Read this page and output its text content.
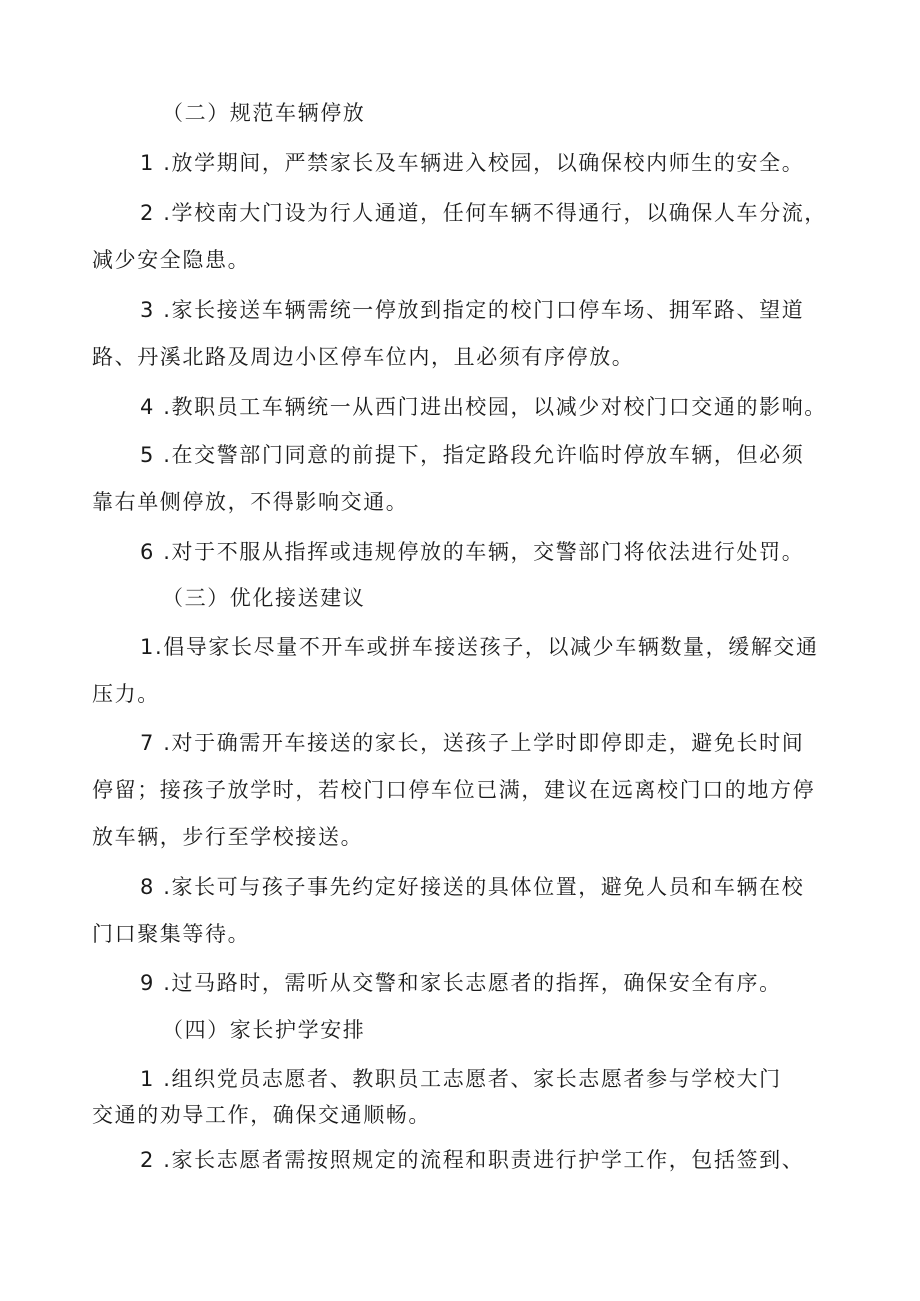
（二）规范车辆停放
1 .放学期间，严禁家长及车辆进入校园，以确保校内师生的安全。
2 .学校南大门设为行人通道，任何车辆不得通行，以确保人车分流，
减少安全隐患。
3 .家长接送车辆需统一停放到指定的校门口停车场、拥军路、望道
路、丹溪北路及周边小区停车位内，且必须有序停放。
4 .教职员工车辆统一从西门进出校园，以减少对校门口交通的影响。
5 .在交警部门同意的前提下，指定路段允许临时停放车辆，但必须
靠右单侧停放，不得影响交通。
6 .对于不服从指挥或违规停放的车辆，交警部门将依法进行处罚。
（三）优化接送建议
1.倡导家长尽量不开车或拼车接送孩子，以减少车辆数量，缓解交通
压力。
7 .对于确需开车接送的家长，送孩子上学时即停即走，避免长时间
停留；接孩子放学时，若校门口停车位已满，建议在远离校门口的地方停
放车辆，步行至学校接送。
8 .家长可与孩子事先约定好接送的具体位置，避免人员和车辆在校
门口聚集等待。
9 .过马路时，需听从交警和家长志愿者的指挥，确保安全有序。
（四）家长护学安排
1 .组织党员志愿者、教职员工志愿者、家长志愿者参与学校大门
交通的劝导工作，确保交通顺畅。
2 .家长志愿者需按照规定的流程和职责进行护学工作，包括签到、
